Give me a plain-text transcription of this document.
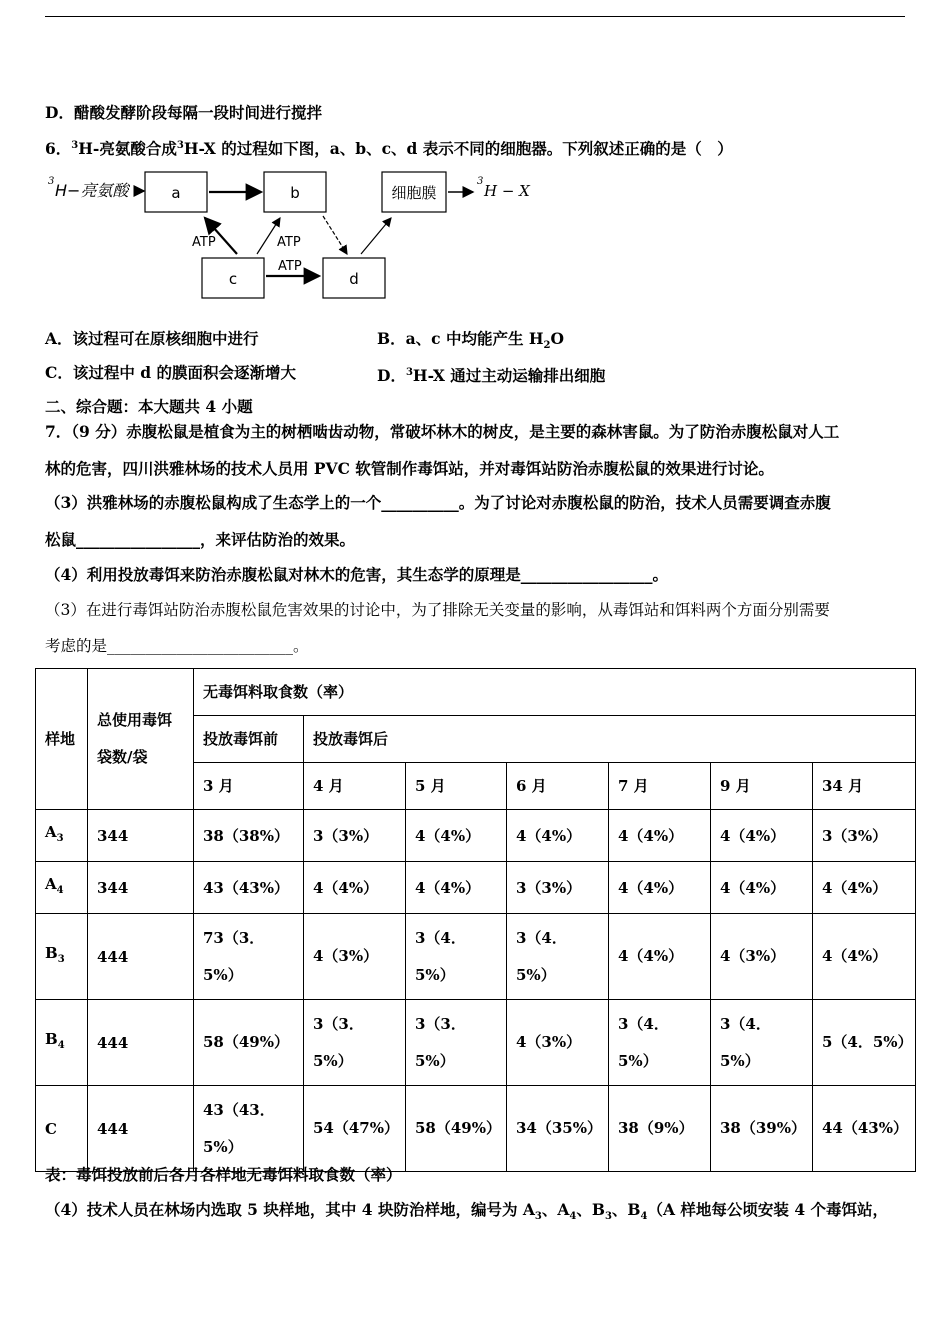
D．醋酸发酵阶段每隔一段时间进行搅拌
6．$^3$H-亮氨酸合成$^3$H-X 的过程如下图，a、b、c、d 表示不同的细胞器。下列叙述正确的是（　）
3 H−亮氨酸	a	b	细胞膜
3
H − X
c	d
ATP	ATP
ATP
A．该过程可在原核细胞中进行	B．a、c 中均能产生 $H_2O$
C．该过程中 d 的膜面积会逐渐增大	D．$^3$H-X 通过主动运输排出细胞
二、综合题：本大题共 4 小题
7．（9 分）赤腹松鼠是植食为主的树栖啮齿动物，常破坏林木的树皮，是主要的森林害鼠。为了防治赤腹松鼠对人工
林的危害，四川洪雅林场的技术人员用 PVC 软管制作毒饵站，并对毒饵站防治赤腹松鼠的效果进行讨论。
（3）洪雅林场的赤腹松鼠构成了生态学上的一个__________。为了讨论对赤腹松鼠的防治，技术人员需要调查赤腹
松鼠________________，来评估防治的效果。
（4）利用投放毒饵来防治赤腹松鼠对林木的危害，其生态学的原理是_________________。
（3）在进行毒饵站防治赤腹松鼠危害效果的讨论中，为了排除无关变量的影响，从毒饵站和饵料两个方面分别需要
考虑的是________________________。
样地	总使用毒饵袋数/袋	无毒饵料取食数（率）						
		投放毒饵前	投放毒饵后					
		3 月	4 月	5 月	6 月	7 月	9 月	34 月
$A_3$	344	38（38%）	3（3%）	4（4%）	4（4%）	4（4%）	4（4%）	3（3%）
$A_4$	344	43（43%）	4（4%）	4（4%）	3（3%）	4（4%）	4（4%）	4（4%）
$B_3$	444	73（3．5%）	4（3%）	3（4．5%）	3（4．5%）	4（4%）	4（3%）	4（4%）
$B_4$	444	58（49%）	3（3．5%）	3（3．5%）	4（3%）	3（4．5%）	3（4．5%）	5（4．5%）
C	444	43（43．5%）	54（47%）	58（49%）	34（35%）	38（9%）	38（39%）	44（43%）
表：毒饵投放前后各月各样地无毒饵料取食数（率）
（4）技术人员在林场内选取 5 块样地，其中 4 块防治样地，编号为 $A_3$、$A_4$、$B_3$、$B_4(A$ 样地每公顷安装 4 个毒饵站，
